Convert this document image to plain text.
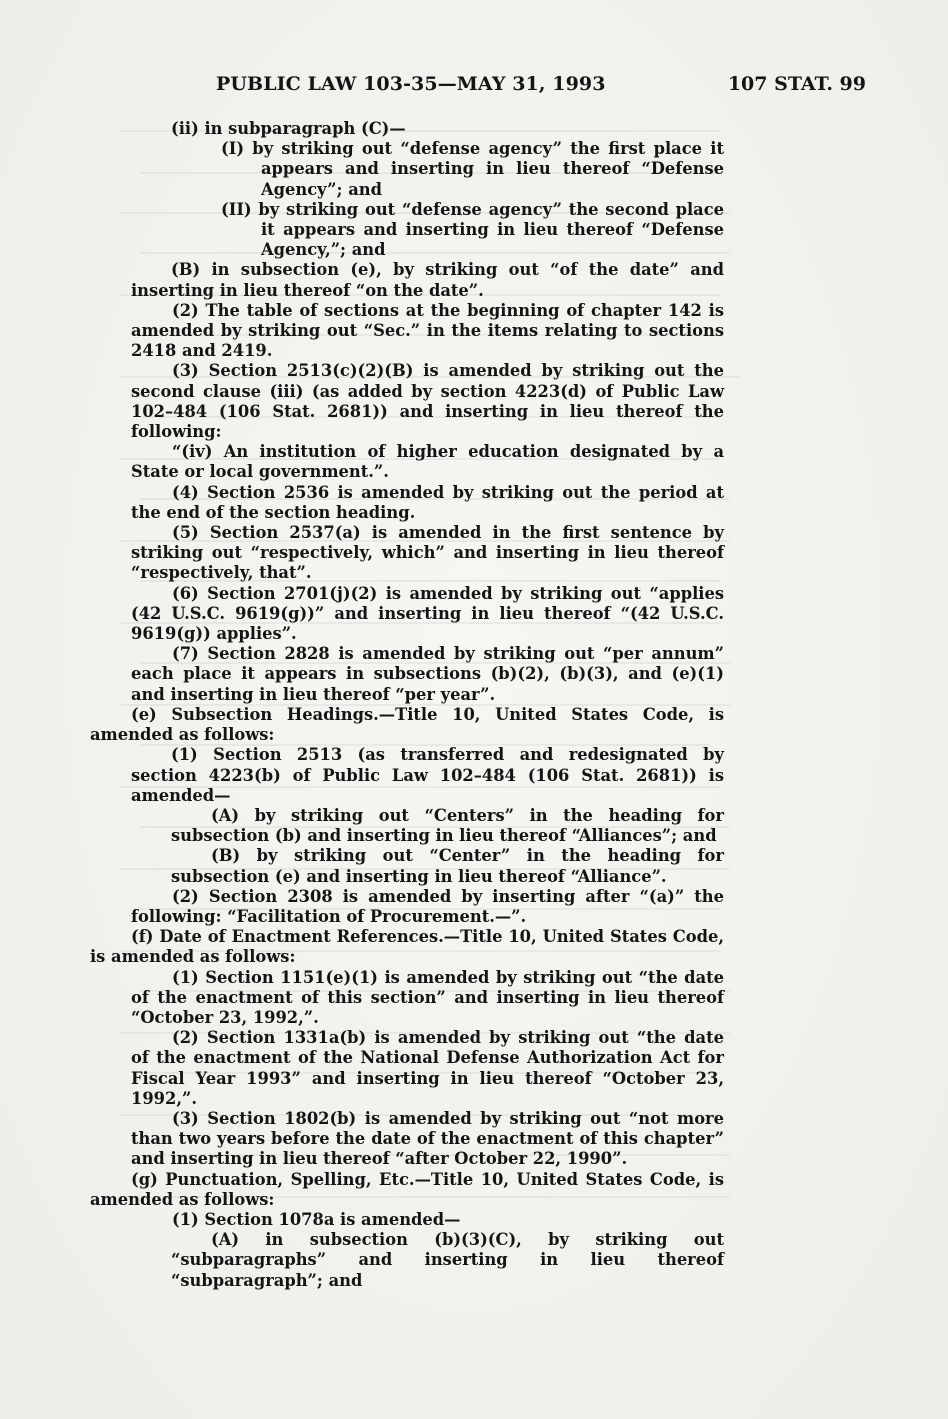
PUBLIC LAW 103-35—MAY 31, 1993	107 STAT. 99

(ii) in subparagraph (C)—

(I) by striking out “defense agency” the first place it appears and inserting in lieu thereof “Defense Agency”; and

(II) by striking out “defense agency” the second place it appears and inserting in lieu thereof “Defense Agency,”; and

(B) in subsection (e), by striking out “of the date” and inserting in lieu thereof “on the date”.

(2) The table of sections at the beginning of chapter 142 is amended by striking out “Sec.” in the items relating to sections 2418 and 2419.

(3) Section 2513(c)(2)(B) is amended by striking out the second clause (iii) (as added by section 4223(d) of Public Law 102–484 (106 Stat. 2681)) and inserting in lieu thereof the following:

“(iv) An institution of higher education designated by a State or local government.”.

(4) Section 2536 is amended by striking out the period at the end of the section heading.

(5) Section 2537(a) is amended in the first sentence by striking out “respectively, which” and inserting in lieu thereof “respectively, that”.

(6) Section 2701(j)(2) is amended by striking out “applies (42 U.S.C. 9619(g))” and inserting in lieu thereof “(42 U.S.C. 9619(g)) applies”.

(7) Section 2828 is amended by striking out “per annum” each place it appears in subsections (b)(2), (b)(3), and (e)(1) and inserting in lieu thereof “per year”.

(e) Subsection Headings.—Title 10, United States Code, is amended as follows:

(1) Section 2513 (as transferred and redesignated by section 4223(b) of Public Law 102–484 (106 Stat. 2681)) is amended—

(A) by striking out “Centers” in the heading for subsection (b) and inserting in lieu thereof “Alliances”; and

(B) by striking out “Center” in the heading for subsection (e) and inserting in lieu thereof “Alliance”.

(2) Section 2308 is amended by inserting after “(a)” the following: “Facilitation of Procurement.—”.

(f) Date of Enactment References.—Title 10, United States Code, is amended as follows:

(1) Section 1151(e)(1) is amended by striking out “the date of the enactment of this section” and inserting in lieu thereof “October 23, 1992,”.

(2) Section 1331a(b) is amended by striking out “the date of the enactment of the National Defense Authorization Act for Fiscal Year 1993” and inserting in lieu thereof “October 23, 1992,”.

(3) Section 1802(b) is amended by striking out “not more than two years before the date of the enactment of this chapter” and inserting in lieu thereof “after October 22, 1990”.

(g) Punctuation, Spelling, Etc.—Title 10, United States Code, is amended as follows:

(1) Section 1078a is amended—

(A) in subsection (b)(3)(C), by striking out “subparagraphs” and inserting in lieu thereof “subparagraph”; and
